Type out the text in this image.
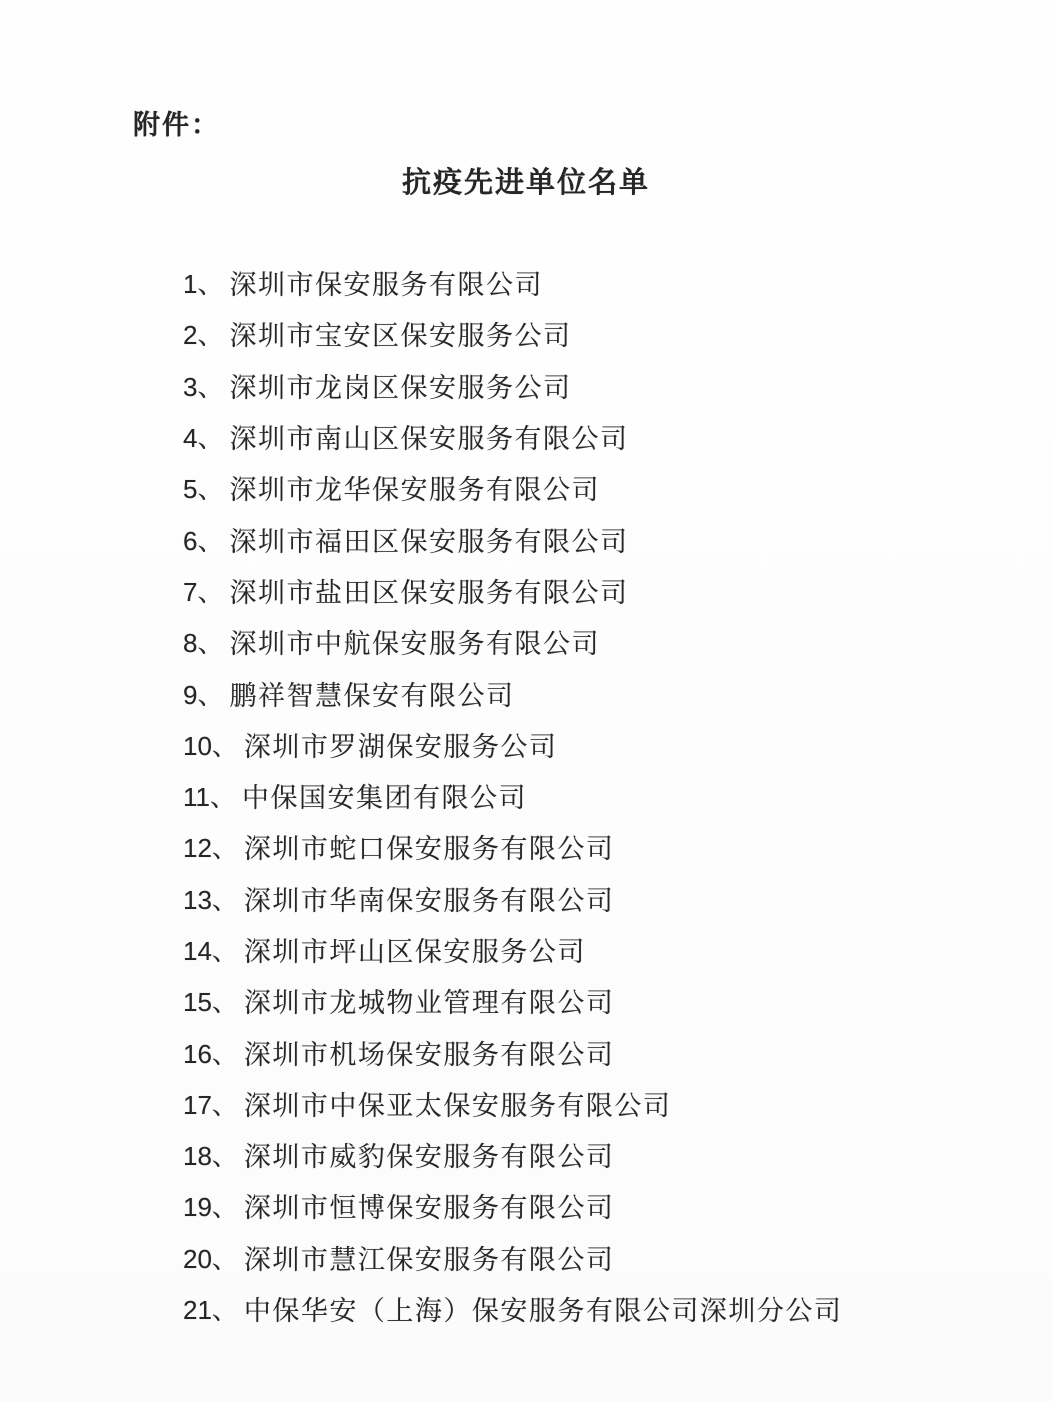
附件：
抗疫先进单位名单
1、 深圳市保安服务有限公司
2、 深圳市宝安区保安服务公司
3、 深圳市龙岗区保安服务公司
4、 深圳市南山区保安服务有限公司
5、 深圳市龙华保安服务有限公司
6、 深圳市福田区保安服务有限公司
7、 深圳市盐田区保安服务有限公司
8、 深圳市中航保安服务有限公司
9、 鹏祥智慧保安有限公司
10、 深圳市罗湖保安服务公司
11、 中保国安集团有限公司
12、 深圳市蛇口保安服务有限公司
13、 深圳市华南保安服务有限公司
14、 深圳市坪山区保安服务公司
15、 深圳市龙城物业管理有限公司
16、 深圳市机场保安服务有限公司
17、 深圳市中保亚太保安服务有限公司
18、 深圳市威豹保安服务有限公司
19、 深圳市恒博保安服务有限公司
20、 深圳市慧江保安服务有限公司
21、 中保华安（上海）保安服务有限公司深圳分公司
